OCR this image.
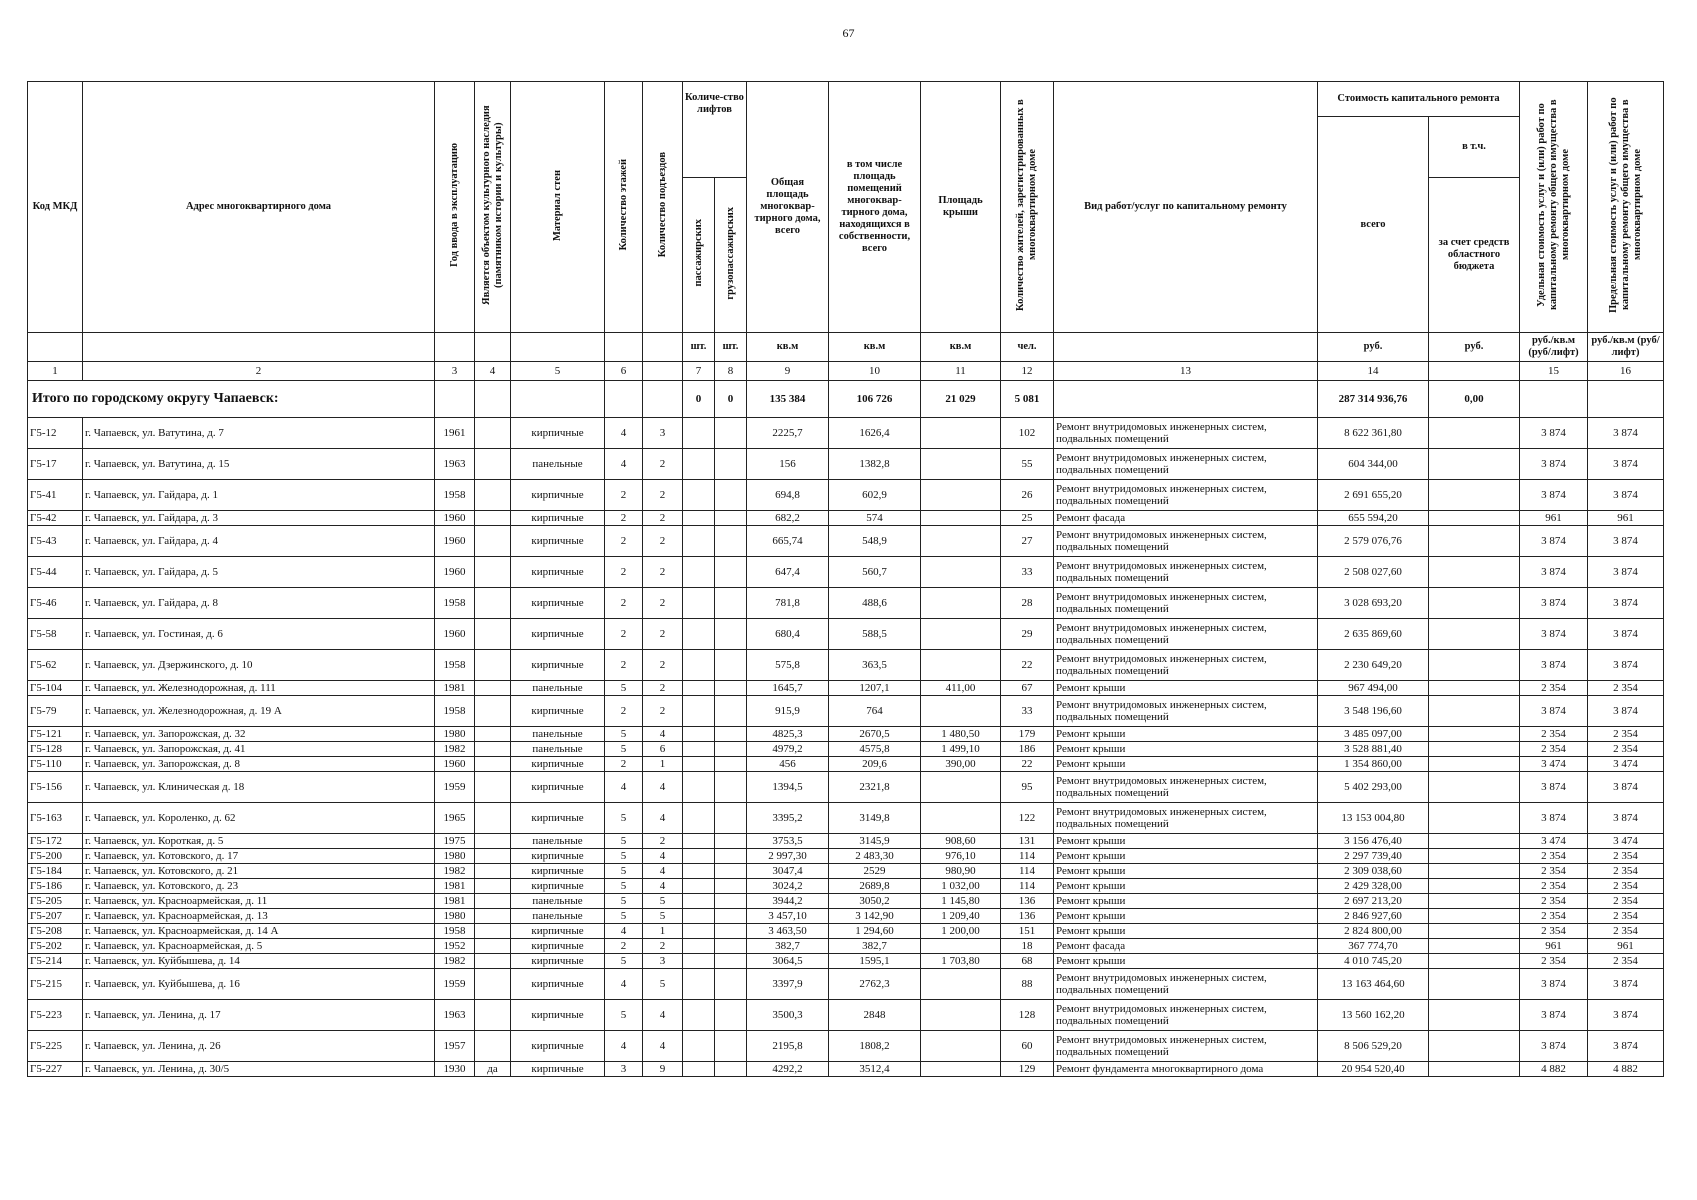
67
Код МКД	Адрес многоквартирного дома	Год ввода в эксплуатацию	Является объектом культурного наследия (памятником истории и культуры)	Материал стен	Количество этажей	Количество подъездов	Количе-ство лифтов		Общая площадь многоквар-тирного дома, всего	в том числе площадь помещений многоквар-тирного дома, находящихся в собственности, всего	Площадь крыши	Количество жителей, зарегистрированных в многоквартирном доме	Вид работ/услуг по капитальному ремонту	Стоимость капитального ремонта		Удельная стоимость услуг и (или) работ по капитальному ремонту общего имущества в многоквартирном доме	Предельная стоимость услуг и (или) работ по капитальному ремонту общего имущества в многоквартирном доме
														всего	в т.ч.		
							пассажирских	грузопассажирских							за счет средств областного бюджета		
							шт.	шт.	кв.м	кв.м	кв.м	чел.		руб.	руб.	руб./кв.м (руб/лифт)	руб./кв.м (руб/лифт)
1	2	3	4	5	6		7	8	9	10	11	12	13	14		15	16
Итого по городскому округу Чапаевск:							0	0	135 384	106 726	21 029	5 081		287 314 936,76	0,00		
Г5-12	г. Чапаевск, ул. Ватутина, д. 7	1961		кирпичные	4	3			2225,7	1626,4		102	Ремонт внутридомовых инженерных систем, подвальных помещений	8 622 361,80		3 874	3 874
Г5-17	г. Чапаевск, ул. Ватутина, д. 15	1963		панельные	4	2			156	1382,8		55	Ремонт внутридомовых инженерных систем, подвальных помещений	604 344,00		3 874	3 874
Г5-41	г. Чапаевск, ул. Гайдара, д. 1	1958		кирпичные	2	2			694,8	602,9		26	Ремонт внутридомовых инженерных систем, подвальных помещений	2 691 655,20		3 874	3 874
Г5-42	г. Чапаевск, ул. Гайдара, д. 3	1960		кирпичные	2	2			682,2	574		25	Ремонт фасада	655 594,20		961	961
Г5-43	г. Чапаевск, ул. Гайдара, д. 4	1960		кирпичные	2	2			665,74	548,9		27	Ремонт внутридомовых инженерных систем, подвальных помещений	2 579 076,76		3 874	3 874
Г5-44	г. Чапаевск, ул. Гайдара, д. 5	1960		кирпичные	2	2			647,4	560,7		33	Ремонт внутридомовых инженерных систем, подвальных помещений	2 508 027,60		3 874	3 874
Г5-46	г. Чапаевск, ул. Гайдара, д. 8	1958		кирпичные	2	2			781,8	488,6		28	Ремонт внутридомовых инженерных систем, подвальных помещений	3 028 693,20		3 874	3 874
Г5-58	г. Чапаевск, ул. Гостиная, д. 6	1960		кирпичные	2	2			680,4	588,5		29	Ремонт внутридомовых инженерных систем, подвальных помещений	2 635 869,60		3 874	3 874
Г5-62	г. Чапаевск, ул. Дзержинского, д. 10	1958		кирпичные	2	2			575,8	363,5		22	Ремонт внутридомовых инженерных систем, подвальных помещений	2 230 649,20		3 874	3 874
Г5-104	г. Чапаевск, ул. Железнодорожная, д. 111	1981		панельные	5	2			1645,7	1207,1	411,00	67	Ремонт крыши	967 494,00		2 354	2 354
Г5-79	г. Чапаевск, ул. Железнодорожная, д. 19 А	1958		кирпичные	2	2			915,9	764		33	Ремонт внутридомовых инженерных систем, подвальных помещений	3 548 196,60		3 874	3 874
Г5-121	г. Чапаевск, ул. Запорожская, д. 32	1980		панельные	5	4			4825,3	2670,5	1 480,50	179	Ремонт крыши	3 485 097,00		2 354	2 354
Г5-128	г. Чапаевск, ул. Запорожская, д. 41	1982		панельные	5	6			4979,2	4575,8	1 499,10	186	Ремонт крыши	3 528 881,40		2 354	2 354
Г5-110	г. Чапаевск, ул. Запорожская, д. 8	1960		кирпичные	2	1			456	209,6	390,00	22	Ремонт крыши	1 354 860,00		3 474	3 474
Г5-156	г. Чапаевск, ул. Клиническая д. 18	1959		кирпичные	4	4			1394,5	2321,8		95	Ремонт внутридомовых инженерных систем, подвальных помещений	5 402 293,00		3 874	3 874
Г5-163	г. Чапаевск, ул. Короленко, д. 62	1965		кирпичные	5	4			3395,2	3149,8		122	Ремонт внутридомовых инженерных систем, подвальных помещений	13 153 004,80		3 874	3 874
Г5-172	г. Чапаевск, ул. Короткая, д. 5	1975		панельные	5	2			3753,5	3145,9	908,60	131	Ремонт крыши	3 156 476,40		3 474	3 474
Г5-200	г. Чапаевск, ул. Котовского, д. 17	1980		кирпичные	5	4			2 997,30	2 483,30	976,10	114	Ремонт крыши	2 297 739,40		2 354	2 354
Г5-184	г. Чапаевск, ул. Котовского, д. 21	1982		кирпичные	5	4			3047,4	2529	980,90	114	Ремонт крыши	2 309 038,60		2 354	2 354
Г5-186	г. Чапаевск, ул. Котовского, д. 23	1981		кирпичные	5	4			3024,2	2689,8	1 032,00	114	Ремонт крыши	2 429 328,00		2 354	2 354
Г5-205	г. Чапаевск, ул. Красноармейская, д. 11	1981		панельные	5	5			3944,2	3050,2	1 145,80	136	Ремонт крыши	2 697 213,20		2 354	2 354
Г5-207	г. Чапаевск, ул. Красноармейская, д. 13	1980		панельные	5	5			3 457,10	3 142,90	1 209,40	136	Ремонт крыши	2 846 927,60		2 354	2 354
Г5-208	г. Чапаевск, ул. Красноармейская, д. 14 А	1958		кирпичные	4	1			3 463,50	1 294,60	1 200,00	151	Ремонт крыши	2 824 800,00		2 354	2 354
Г5-202	г. Чапаевск, ул. Красноармейская, д. 5	1952		кирпичные	2	2			382,7	382,7		18	Ремонт фасада	367 774,70		961	961
Г5-214	г. Чапаевск, ул. Куйбышева, д. 14	1982		кирпичные	5	3			3064,5	1595,1	1 703,80	68	Ремонт крыши	4 010 745,20		2 354	2 354
Г5-215	г. Чапаевск, ул. Куйбышева, д. 16	1959		кирпичные	4	5			3397,9	2762,3		88	Ремонт внутридомовых инженерных систем, подвальных помещений	13 163 464,60		3 874	3 874
Г5-223	г. Чапаевск, ул. Ленина, д. 17	1963		кирпичные	5	4			3500,3	2848		128	Ремонт внутридомовых инженерных систем, подвальных помещений	13 560 162,20		3 874	3 874
Г5-225	г. Чапаевск, ул. Ленина, д. 26	1957		кирпичные	4	4			2195,8	1808,2		60	Ремонт внутридомовых инженерных систем, подвальных помещений	8 506 529,20		3 874	3 874
Г5-227	г. Чапаевск, ул. Ленина, д. 30/5	1930	да	кирпичные	3	9			4292,2	3512,4		129	Ремонт фундамента многоквартирного дома	20 954 520,40		4 882	4 882
